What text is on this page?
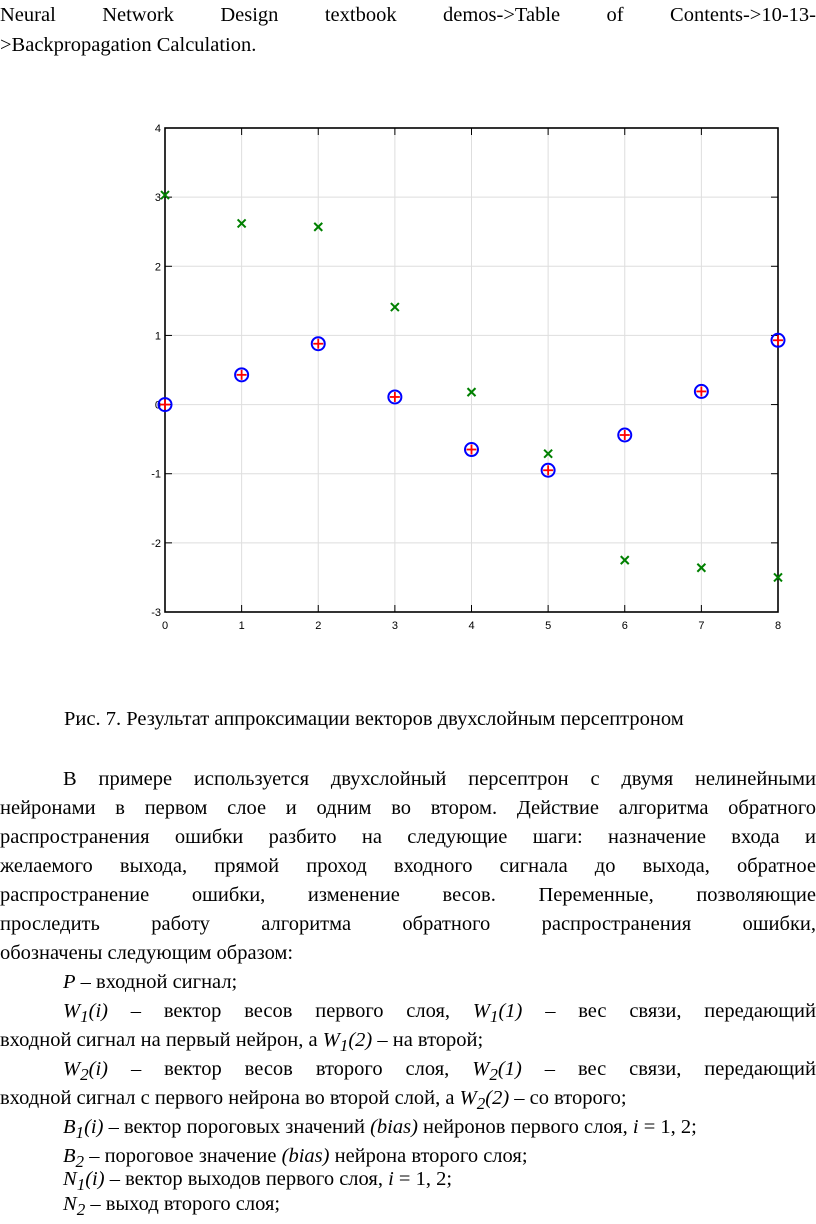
Neural Network Design textbook demos->Table of Contents->10-13-
>Backpropagation Calculation.
0	1	2	3	4	5	6	7	8
-3
-2
-1
0
1
2
3
4
Рис. 7. Результат аппроксимации векторов двухслойным персептроном
В примере используется двухслойный персептрон с двумя нелинейными
нейронами в первом слое и одним во втором. Действие алгоритма обратного
распространения ошибки разбито на следующие шаги: назначение входа и
желаемого выхода, прямой проход входного сигнала до выхода, обратное
распространение ошибки, изменение весов. Переменные, позволяющие
проследить работу алгоритма обратного распространения ошибки,
обозначены следующим образом:
P – входной сигнал;
$W_1(i)$ – вектор весов первого слоя, $W_1(1)$ – вес связи, передающий
входной сигнал на первый нейрон, а $W_1(2)$ – на второй;
$W_2(i)$ – вектор весов второго слоя, $W_2(1)$ – вес связи, передающий
входной сигнал с первого нейрона во второй слой, а $W_2(2)$ – со второго;
$B_1(i)$ – вектор пороговых значений (bias) нейронов первого слоя, i = 1, 2;
$B_2$ – пороговое значение (bias) нейрона второго слоя;
$N_1(i)$ – вектор выходов первого слоя, i = 1, 2;
$N_2$ – выход второго слоя;
